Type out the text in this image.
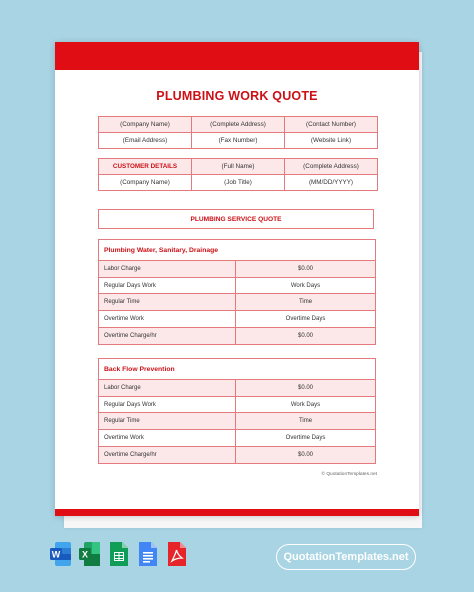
PLUMBING WORK QUOTE
(Company Name)	(Complete Address)	(Contact Number)
(Email Address)	(Fax Number)	(Website Link)
CUSTOMER DETAILS	(Full Name)	(Complete Address)
(Company Name)	(Job Title)	(MM/DD/YYYY)
PLUMBING SERVICE QUOTE
Plumbing Water, Sanitary, Drainage
Labor Charge	$0.00
Regular Days Work	Work Days
Regular Time	Time
Overtime Work	Overtime Days
Overtime Charge/hr	$0.00
Back Flow Prevention
Labor Charge	$0.00
Regular Days Work	Work Days
Regular Time	Time
Overtime Work	Overtime Days
Overtime Charge/hr	$0.00
© QuotationTemplates.net
W X	QuotationTemplates.net
